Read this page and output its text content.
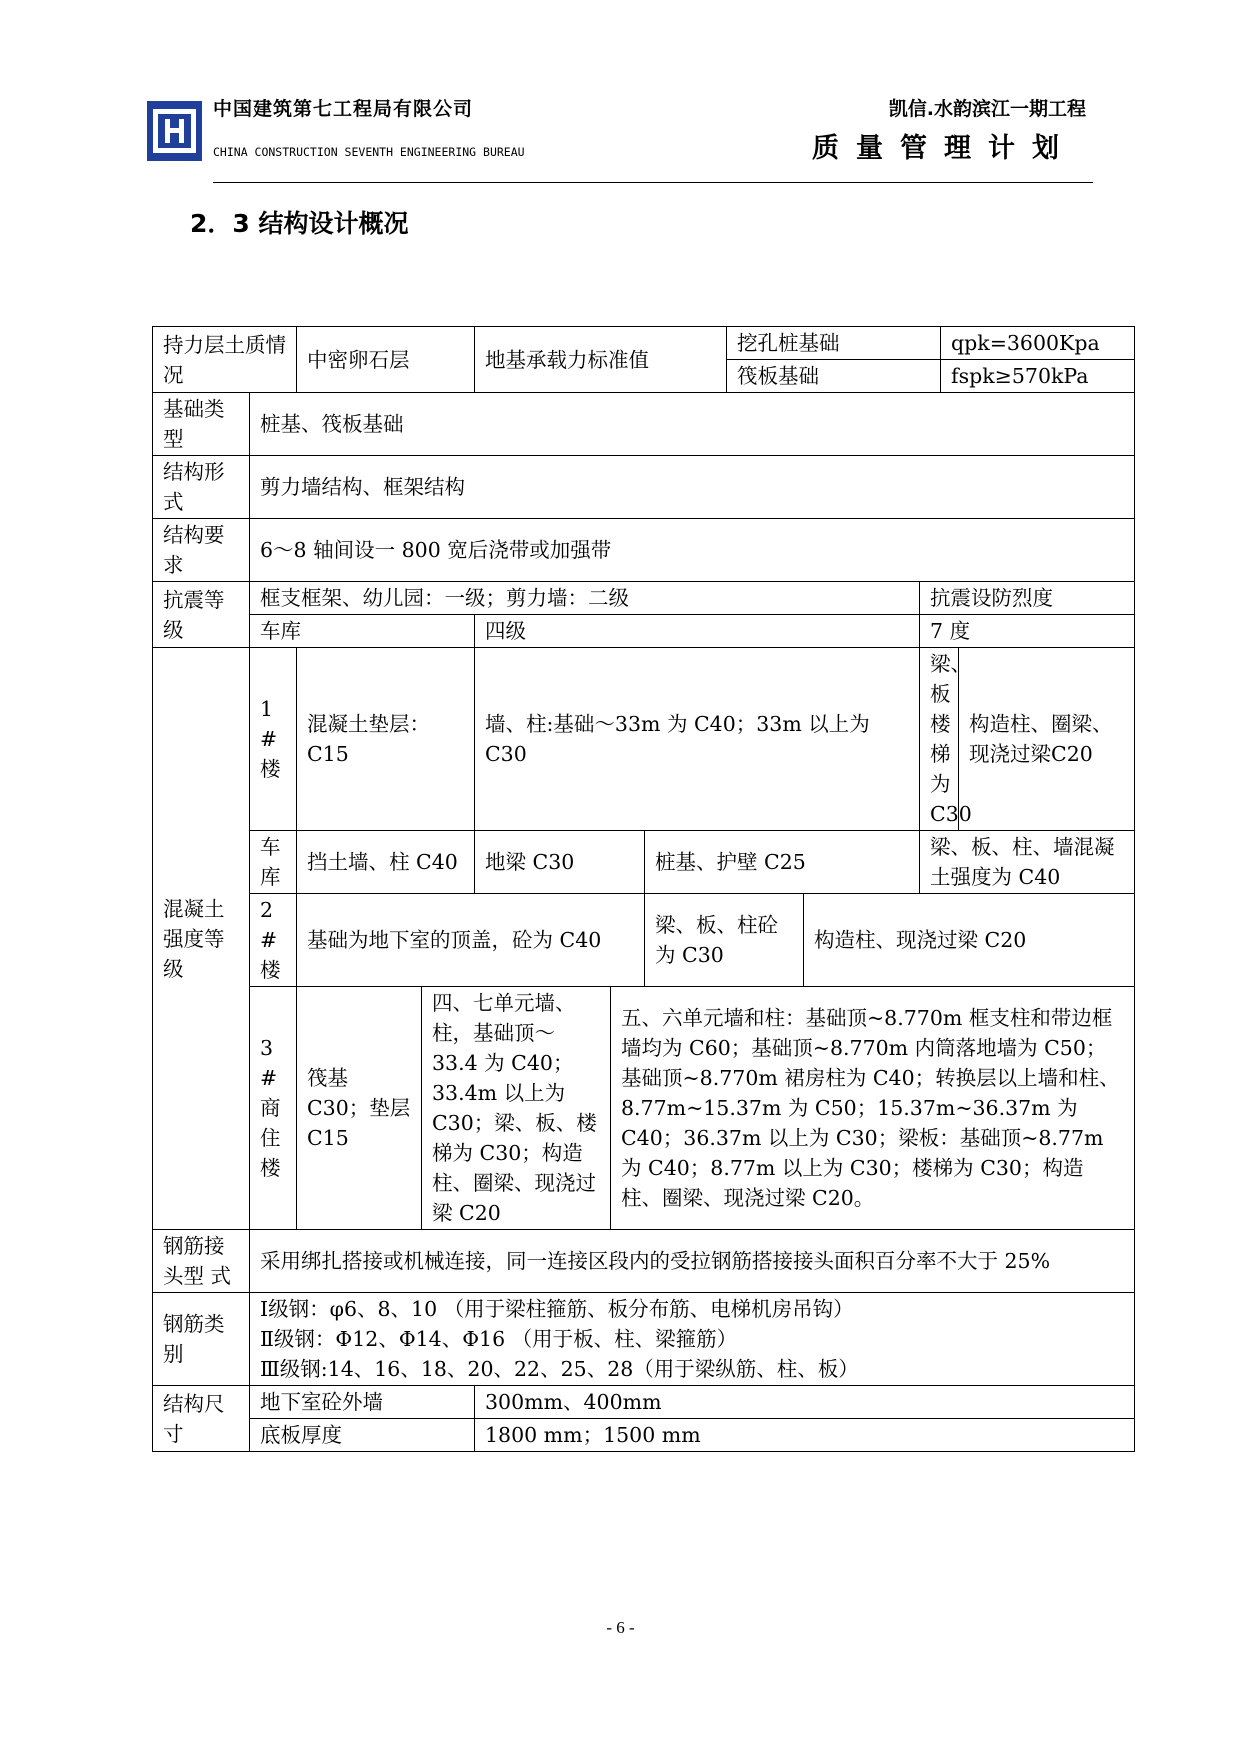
中国建筑第七工程局有限公司
CHINA CONSTRUCTION SEVENTH ENGINEERING BUREAU
凯信.水韵滨江一期工程
质量管理计划
2．3 结构设计概况
持力层土质情况		中密卵石层		地基承载力标准值			挖孔桩基础			qpk=3600Kpa	
							筏板基础			fspk≥570kPa	
基础类型	桩基、筏板基础										
结构形式	剪力墙结构、框架结构										
结构要求	6～8 轴间设一 800 宽后浇带或加强带										
抗震等级	框支框架、幼儿园：一级；剪力墙：二级								抗震设防烈度		
	车库			四级					7 度		
混凝土强度等级	1#楼	混凝土垫层：C15		墙、柱:基础～33m 为 C40；33m 以上为 C30					梁、板楼梯为C30		构造柱、圈梁、现浇过梁C20
	车库	挡土墙、柱 C40		地梁 C30		桩基、护壁 C25			梁、板、柱、墙混凝土强度为 C40		
	2#楼	基础为地下室的顶盖，砼为 C40				梁、板、柱砼为 C30		构造柱、现浇过梁 C20			
	3#商住楼	筏基 C30；垫层 C15	四、七单元墙、柱，基础顶～33.4 为 C40；33.4m 以上为 C30；梁、板、楼梯为 C30；构造柱、圈梁、现浇过梁 C20		五、六单元墙和柱：基础顶~8.770m 框支柱和带边框墙均为 C60；基础顶~8.770m 内筒落地墙为 C50；基础顶~8.770m 裙房柱为 C40；转换层以上墙和柱、8.77m~15.37m 为 C50；15.37m~36.37m 为 C40；36.37m 以上为 C30；梁板：基础顶~8.77m 为 C40；8.77m 以上为 C30；楼梯为 C30；构造柱、圈梁、现浇过梁 C20。						
钢筋接头型 式	采用绑扎搭接或机械连接，同一连接区段内的受拉钢筋搭接接头面积百分率不大于 25%										
钢筋类别	Ⅰ级钢：φ6、8、10 （用于梁柱箍筋、板分布筋、电梯机房吊钩）
Ⅱ级钢：Φ12、Φ14、Φ16 （用于板、柱、梁箍筋）
Ⅲ级钢:14、16、18、20、22、25、28（用于梁纵筋、柱、板）										

结构尺寸	地下室砼外墙			300mm、400mm							
	底板厚度			1800 mm；1500 mm							
- 6 -
